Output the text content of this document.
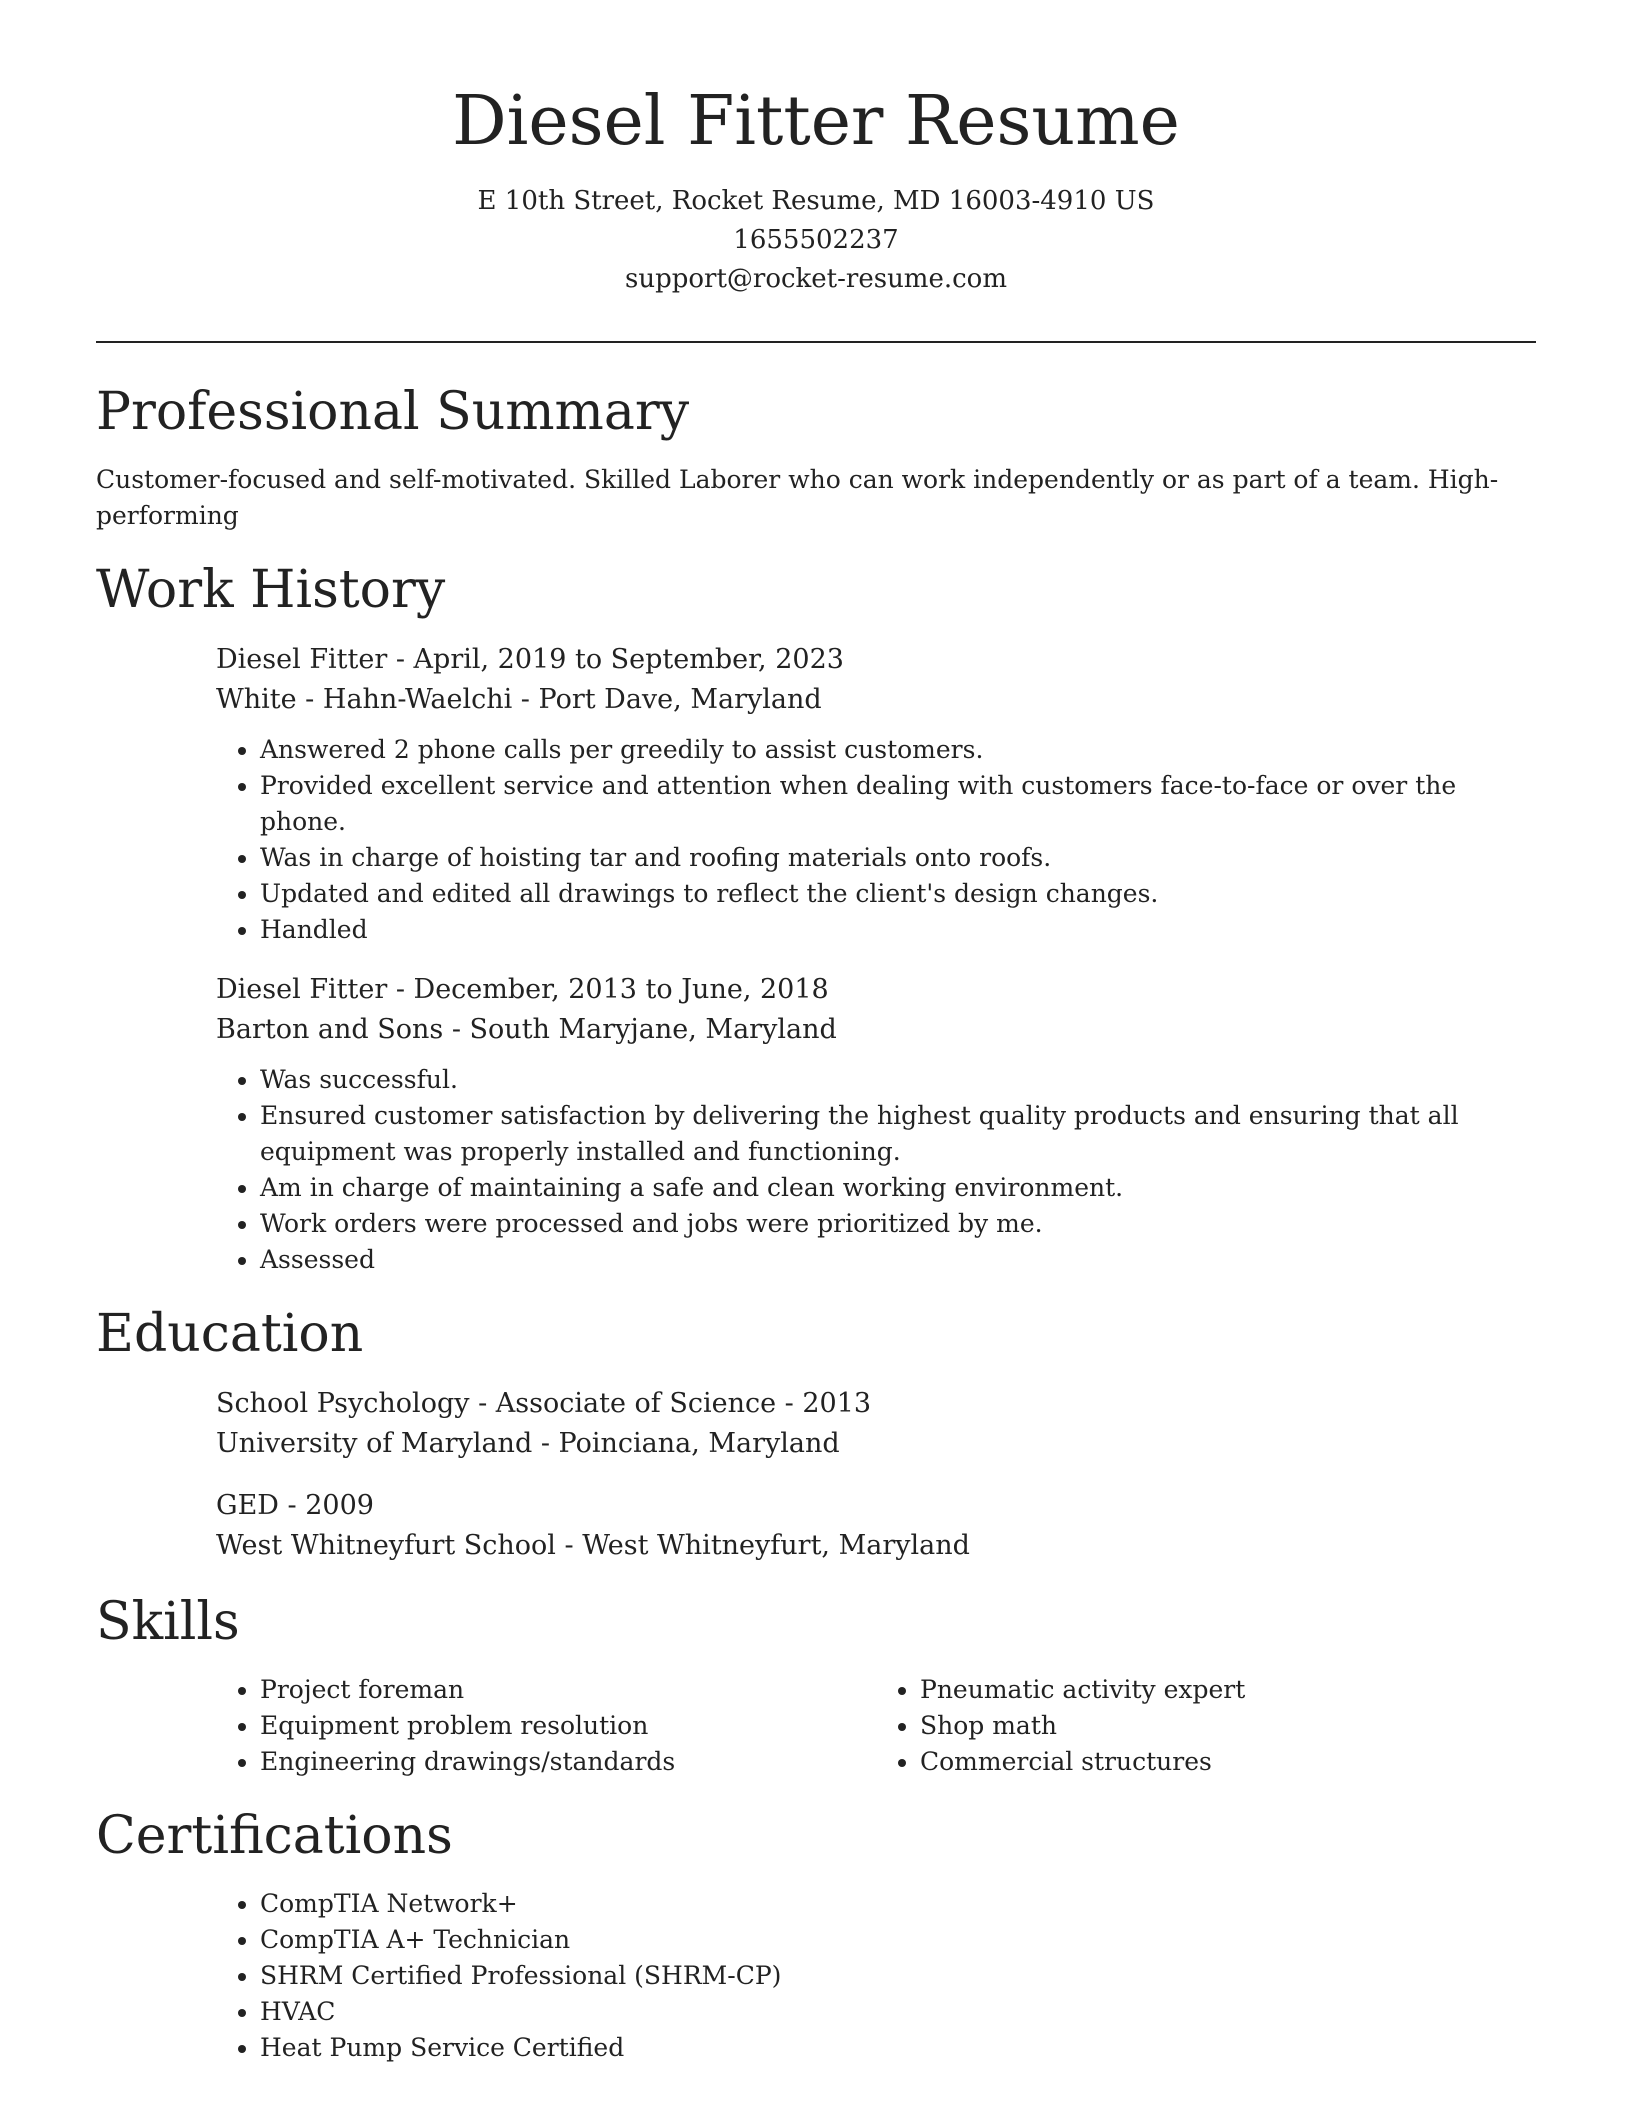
Diesel Fitter Resume
E 10th Street, Rocket Resume, MD 16003-4910 US
1655502237
support@rocket-resume.com
Professional Summary

Customer-focused and self-motivated. Skilled Laborer who can work independently or as part of a team. High-performing

Work History
Diesel Fitter - April, 2019 to September, 2023
White - Hahn-Waelchi - Port Dave, Maryland
• Answered 2 phone calls per greedily to assist customers.
• Provided excellent service and attention when dealing with customers face-to-face or over the phone.
• Was in charge of hoisting tar and roofing materials onto roofs.
• Updated and edited all drawings to reflect the client's design changes.
• Handled
Diesel Fitter - December, 2013 to June, 2018
Barton and Sons - South Maryjane, Maryland
• Was successful.
• Ensured customer satisfaction by delivering the highest quality products and ensuring that all equipment was properly installed and functioning.
• Am in charge of maintaining a safe and clean working environment.
• Work orders were processed and jobs were prioritized by me.
• Assessed
Education
School Psychology - Associate of Science - 2013
University of Maryland - Poinciana, Maryland
GED - 2009
West Whitneyfurt School - West Whitneyfurt, Maryland
Skills
• Project foreman
• Equipment problem resolution
• Engineering drawings/standards
• Pneumatic activity expert
• Shop math
• Commercial structures
Certifications
• CompTIA Network+
• CompTIA A+ Technician
• SHRM Certified Professional (SHRM-CP)
• HVAC
• Heat Pump Service Certified
